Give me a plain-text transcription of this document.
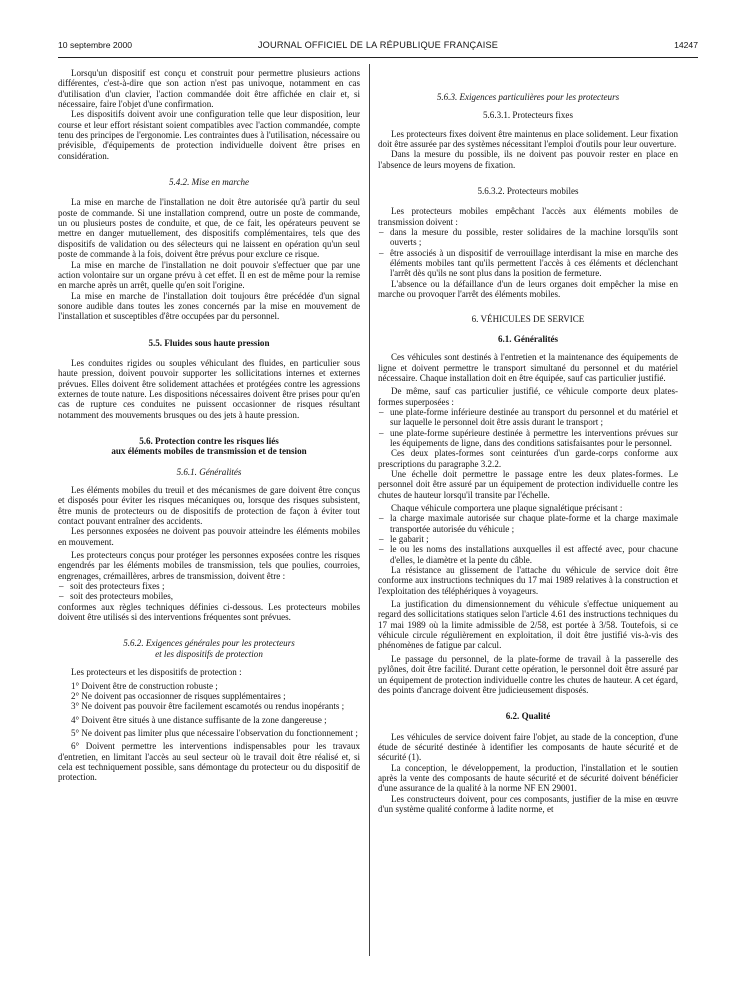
10 septembre 2000	JOURNAL OFFICIEL DE LA RÉPUBLIQUE FRANÇAISE	14247

Lorsqu'un dispositif est conçu et construit pour permettre plusieurs actions différentes, c'est-à-dire que son action n'est pas univoque, notamment en cas d'utilisation d'un clavier, l'action commandée doit être affichée en clair et, si nécessaire, faire l'objet d'une confirmation.

Les dispositifs doivent avoir une configuration telle que leur disposition, leur course et leur effort résistant soient compatibles avec l'action commandée, compte tenu des principes de l'ergonomie. Les contraintes dues à l'utilisation, nécessaire ou prévisible, d'équipements de protection individuelle doivent être prises en considération.

5.4.2. Mise en marche

La mise en marche de l'installation ne doit être autorisée qu'à partir du seul poste de commande. Si une installation comprend, outre un poste de commande, un ou plusieurs postes de conduite, et que, de ce fait, les opérateurs peuvent se mettre en danger mutuellement, des dispositifs complémentaires, tels que des dispositifs de validation ou des sélecteurs qui ne laissent en opération qu'un seul poste de commande à la fois, doivent être prévus pour exclure ce risque.

La mise en marche de l'installation ne doit pouvoir s'effectuer que par une action volontaire sur un organe prévu à cet effet. Il en est de même pour la remise en marche après un arrêt, quelle qu'en soit l'origine.

La mise en marche de l'installation doit toujours être précédée d'un signal sonore audible dans toutes les zones concernés par la mise en mouvement de l'installation et susceptibles d'être occupées par du personnel.

5.5. Fluides sous haute pression

Les conduites rigides ou souples véhiculant des fluides, en particulier sous haute pression, doivent pouvoir supporter les sollicitations internes et externes prévues. Elles doivent être solidement attachées et protégées contre les agressions externes de toute nature. Les dispositions nécessaires doivent être prises pour qu'en cas de rupture ces conduites ne puissent occasionner de risques résultant notamment des mouvements brusques ou des jets à haute pression.

5.6. Protection contre les risques liés

aux éléments mobiles de transmission et de tension

5.6.1. Généralités

Les éléments mobiles du treuil et des mécanismes de gare doivent être conçus et disposés pour éviter les risques mécaniques ou, lorsque des risques subsistent, être munis de protecteurs ou de dispositifs de protection de façon à éviter tout contact pouvant entraîner des accidents.

Les personnes exposées ne doivent pas pouvoir atteindre les éléments mobiles en mouvement.

Les protecteurs conçus pour protéger les personnes exposées contre les risques engendrés par les éléments mobiles de transmission, tels que poulies, courroies, engrenages, crémaillères, arbres de transmission, doivent être :

– soit des protecteurs fixes ;

– soit des protecteurs mobiles,

conformes aux règles techniques définies ci-dessous. Les protecteurs mobiles doivent être utilisés si des interventions fréquentes sont prévues.

5.6.2. Exigences générales pour les protecteurs

et les dispositifs de protection

Les protecteurs et les dispositifs de protection :

1° Doivent être de construction robuste ;

2° Ne doivent pas occasionner de risques supplémentaires ;

3° Ne doivent pas pouvoir être facilement escamotés ou rendus inopérants ;

4° Doivent être situés à une distance suffisante de la zone dangereuse ;

5° Ne doivent pas limiter plus que nécessaire l'observation du fonctionnement ;

6° Doivent permettre les interventions indispensables pour les travaux d'entretien, en limitant l'accès au seul secteur où le travail doit être réalisé et, si cela est techniquement possible, sans démontage du protecteur ou du dispositif de protection.

5.6.3. Exigences particulières pour les protecteurs

5.6.3.1. Protecteurs fixes

Les protecteurs fixes doivent être maintenus en place solidement. Leur fixation doit être assurée par des systèmes nécessitant l'emploi d'outils pour leur ouverture.

Dans la mesure du possible, ils ne doivent pas pouvoir rester en place en l'absence de leurs moyens de fixation.

5.6.3.2. Protecteurs mobiles

Les protecteurs mobiles empêchant l'accès aux éléments mobiles de transmission doivent :

– dans la mesure du possible, rester solidaires de la machine lorsqu'ils sont ouverts ;

– être associés à un dispositif de verrouillage interdisant la mise en marche des éléments mobiles tant qu'ils permettent l'accès à ces éléments et déclenchant l'arrêt dès qu'ils ne sont plus dans la position de fermeture.

L'absence ou la défaillance d'un de leurs organes doit empêcher la mise en marche ou provoquer l'arrêt des éléments mobiles.

6. VÉHICULES DE SERVICE

6.1. Généralités

Ces véhicules sont destinés à l'entretien et la maintenance des équipements de ligne et doivent permettre le transport simultané du personnel et du matériel nécessaire. Chaque installation doit en être équipée, sauf cas particulier justifié.

De même, sauf cas particulier justifié, ce véhicule comporte deux plates-formes superposées :

– une plate-forme inférieure destinée au transport du personnel et du matériel et sur laquelle le personnel doit être assis durant le transport ;

– une plate-forme supérieure destinée à permettre les interventions prévues sur les équipements de ligne, dans des conditions satisfaisantes pour le personnel.

Ces deux plates-formes sont ceinturées d'un garde-corps conforme aux prescriptions du paragraphe 3.2.2.

Une échelle doit permettre le passage entre les deux plates-formes. Le personnel doit être assuré par un équipement de protection individuelle contre les chutes de hauteur lorsqu'il transite par l'échelle.

Chaque véhicule comportera une plaque signalétique précisant :

– la charge maximale autorisée sur chaque plate-forme et la charge maximale transportée autorisée du véhicule ;

– le gabarit ;

– le ou les noms des installations auxquelles il est affecté avec, pour chacune d'elles, le diamètre et la pente du câble.

La résistance au glissement de l'attache du véhicule de service doit être conforme aux instructions techniques du 17 mai 1989 relatives à la construction et l'exploitation des téléphériques à voyageurs.

La justification du dimensionnement du véhicule s'effectue uniquement au regard des sollicitations statiques selon l'article 4.61 des instructions techniques du 17 mai 1989 où la limite admissible de 2/58, est portée à 3/58. Toutefois, si ce véhicule circule régulièrement en exploitation, il doit être justifié vis-à-vis des phénomènes de fatigue par calcul.

Le passage du personnel, de la plate-forme de travail à la passerelle des pylônes, doit être facilité. Durant cette opération, le personnel doit être assuré par un équipement de protection individuelle contre les chutes de hauteur. A cet égard, des points d'ancrage doivent être judicieusement disposés.

6.2. Qualité

Les véhicules de service doivent faire l'objet, au stade de la conception, d'une étude de sécurité destinée à identifier les composants de haute sécurité et de sécurité (1).

La conception, le développement, la production, l'installation et le soutien après la vente des composants de haute sécurité et de sécurité doivent bénéficier d'une assurance de la qualité à la norme NF EN 29001.

Les constructeurs doivent, pour ces composants, justifier de la mise en œuvre d'un système qualité conforme à ladite norme, et
